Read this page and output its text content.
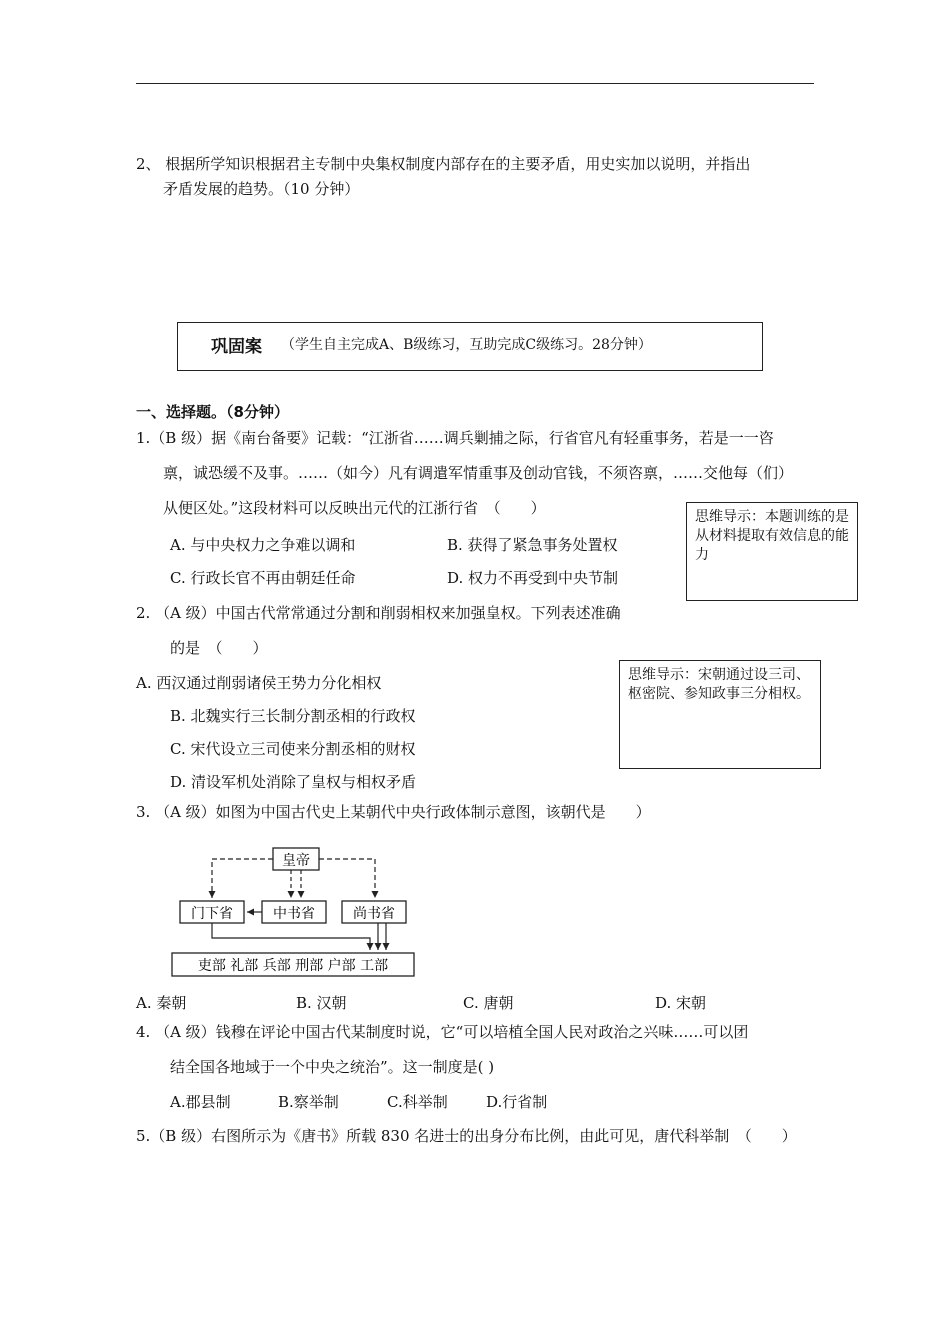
2、 根据所学知识根据君主专制中央集权制度内部存在的主要矛盾，用史实加以说明，并指出
矛盾发展的趋势。（10 分钟）
巩固案 （学生自主完成A、B级练习，互助完成C级练习。28分钟）
一、选择题。（8分钟）
1.（B 级）据《南台备要》记载：“江浙省……调兵剿捕之际，行省官凡有轻重事务，若是一一咨
禀，诚恐缓不及事。……（如今）凡有调遣军情重事及创动官钱，不须咨禀，……交他每（们）
从便区处。”这段材料可以反映出元代的江浙行省　（　　）
A. 与中央权力之争难以调和	B. 获得了紧急事务处置权
C. 行政长官不再由朝廷任命	D. 权力不再受到中央节制
思维导示：本题训练的是从材料提取有效信息的能力
2. （A 级）中国古代常常通过分割和削弱相权来加强皇权。下列表述准确
的是　（　　）
A. 西汉通过削弱诸侯王势力分化相权
B. 北魏实行三长制分割丞相的行政权
C. 宋代设立三司使来分割丞相的财权
D. 清设军机处消除了皇权与相权矛盾
思维导示：宋朝通过设三司、枢密院、参知政事三分相权。
3. （A 级）如图为中国古代史上某朝代中央行政体制示意图，该朝代是　　）
皇帝
门下省	中书省	尚书省
吏部 礼部 兵部 刑部 户部 工部
A. 秦朝	B. 汉朝	C. 唐朝	D. 宋朝
4. （A 级）钱穆在评论中国古代某制度时说，它“可以培植全国人民对政治之兴味……可以团
结全国各地域于一个中央之统治”。这一制度是( )
A.郡县制	B.察举制	C.科举制	D.行省制
5.（B 级）右图所示为《唐书》所载 830 名进士的出身分布比例，由此可见，唐代科举制　（　　）
